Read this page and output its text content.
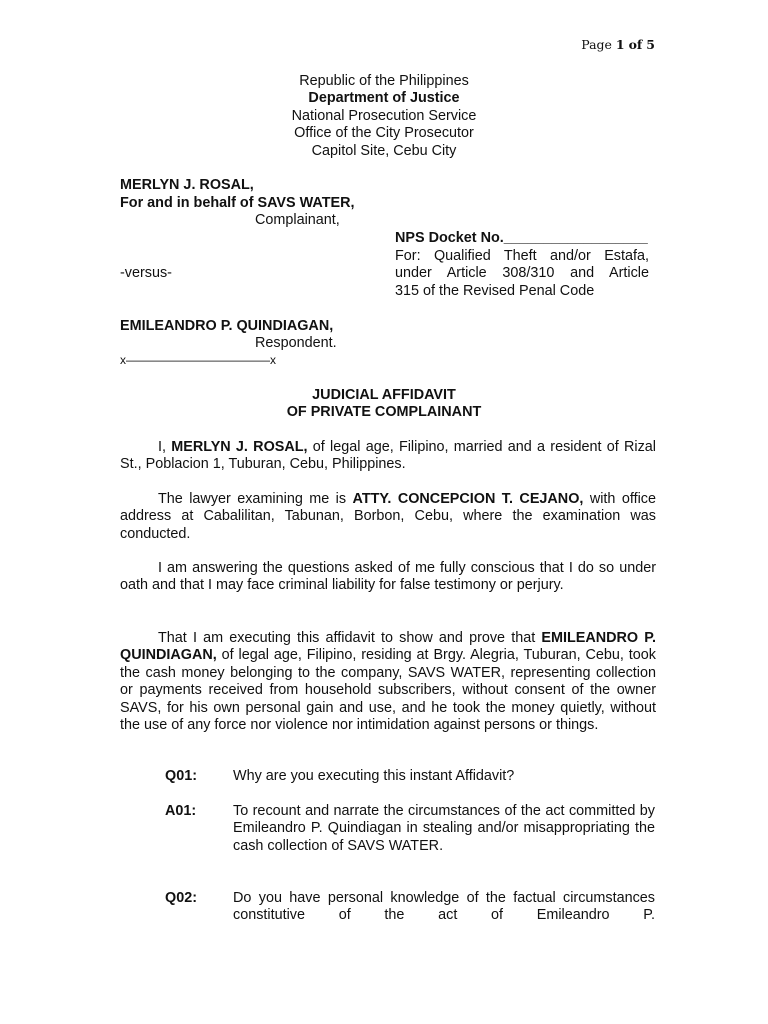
Page 1 of 5
Republic of the Philippines
Department of Justice
National Prosecution Service
Office of the City Prosecutor
Capitol Site, Cebu City
MERLYN J. ROSAL,
For and in behalf of SAVS WATER,
Complainant,
NPS Docket No.__________________
For: Qualified Theft and/or Estafa,
-versus-	under Article 308/310 and Article
315 of the Revised Penal Code
EMILEANDRO P. QUINDIAGAN,
Respondent.
x————————————x
JUDICIAL AFFIDAVIT
OF PRIVATE COMPLAINANT
I, MERLYN J. ROSAL, of legal age, Filipino, married and a resident of Rizal St., Poblacion 1, Tuburan, Cebu, Philippines.
The lawyer examining me is ATTY. CONCEPCION T. CEJANO, with office address at Cabalilitan, Tabunan, Borbon, Cebu, where the examination was conducted.
I am answering the questions asked of me fully conscious that I do so under oath and that I may face criminal liability for false testimony or perjury.
That I am executing this affidavit to show and prove that EMILEANDRO P. QUINDIAGAN, of legal age, Filipino, residing at Brgy. Alegria, Tuburan, Cebu, took the cash money belonging to the company, SAVS WATER, representing collection or payments received from household subscribers, without consent of the owner SAVS, for his own personal gain and use, and he took the money quietly, without the use of any force nor violence nor intimidation against persons or things.
Q01:	Why are you executing this instant Affidavit?
A01:	To recount and narrate the circumstances of the act committed by Emileandro P. Quindiagan in stealing and/or misappropriating the cash collection of SAVS WATER.
Q02:	Do you have personal knowledge of the factual circumstances constitutive of the act of Emileandro P.
